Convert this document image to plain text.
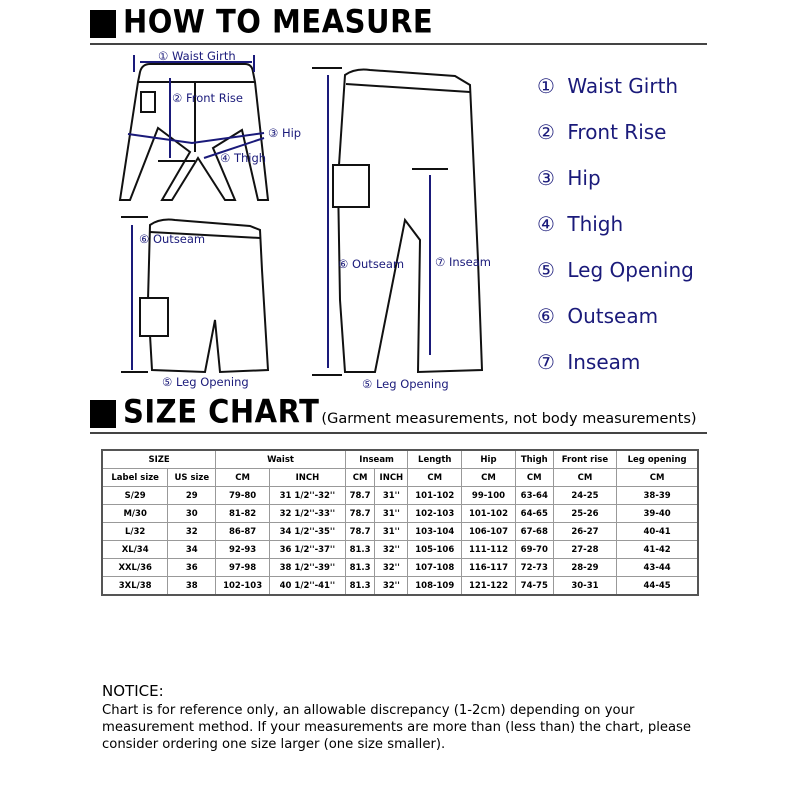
HOW TO MEASURE
① Waist Girth
② Front Rise
③ Hip
④ Thigh
⑥ Outseam
⑤ Leg Opening
⑥ Outseam	⑦ Inseam
⑤ Leg Opening
① Waist Girth
② Front Rise
③ Hip
④ Thigh
⑤ Leg Opening
⑥ Outseam
⑦ Inseam
SIZE CHART (Garment measurements, not body measurements)
SIZE		Waist		Inseam		Length	Hip	Thigh	Front rise	Leg opening
Label size	US size	CM	INCH	CM	INCH	CM	CM	CM	CM	CM
S/29	29	79-80	31 1/2''-32''	78.7	31''	101-102	99-100	63-64	24-25	38-39
M/30	30	81-82	32 1/2''-33''	78.7	31''	102-103	101-102	64-65	25-26	39-40
L/32	32	86-87	34 1/2''-35''	78.7	31''	103-104	106-107	67-68	26-27	40-41
XL/34	34	92-93	36 1/2''-37''	81.3	32''	105-106	111-112	69-70	27-28	41-42
XXL/36	36	97-98	38 1/2''-39''	81.3	32''	107-108	116-117	72-73	28-29	43-44
3XL/38	38	102-103	40 1/2''-41''	81.3	32''	108-109	121-122	74-75	30-31	44-45
NOTICE:
Chart is for reference only, an allowable discrepancy (1-2cm) depending on your measurement method. If your measurements are more than (less than) the chart, please consider ordering one size larger (one size smaller).
